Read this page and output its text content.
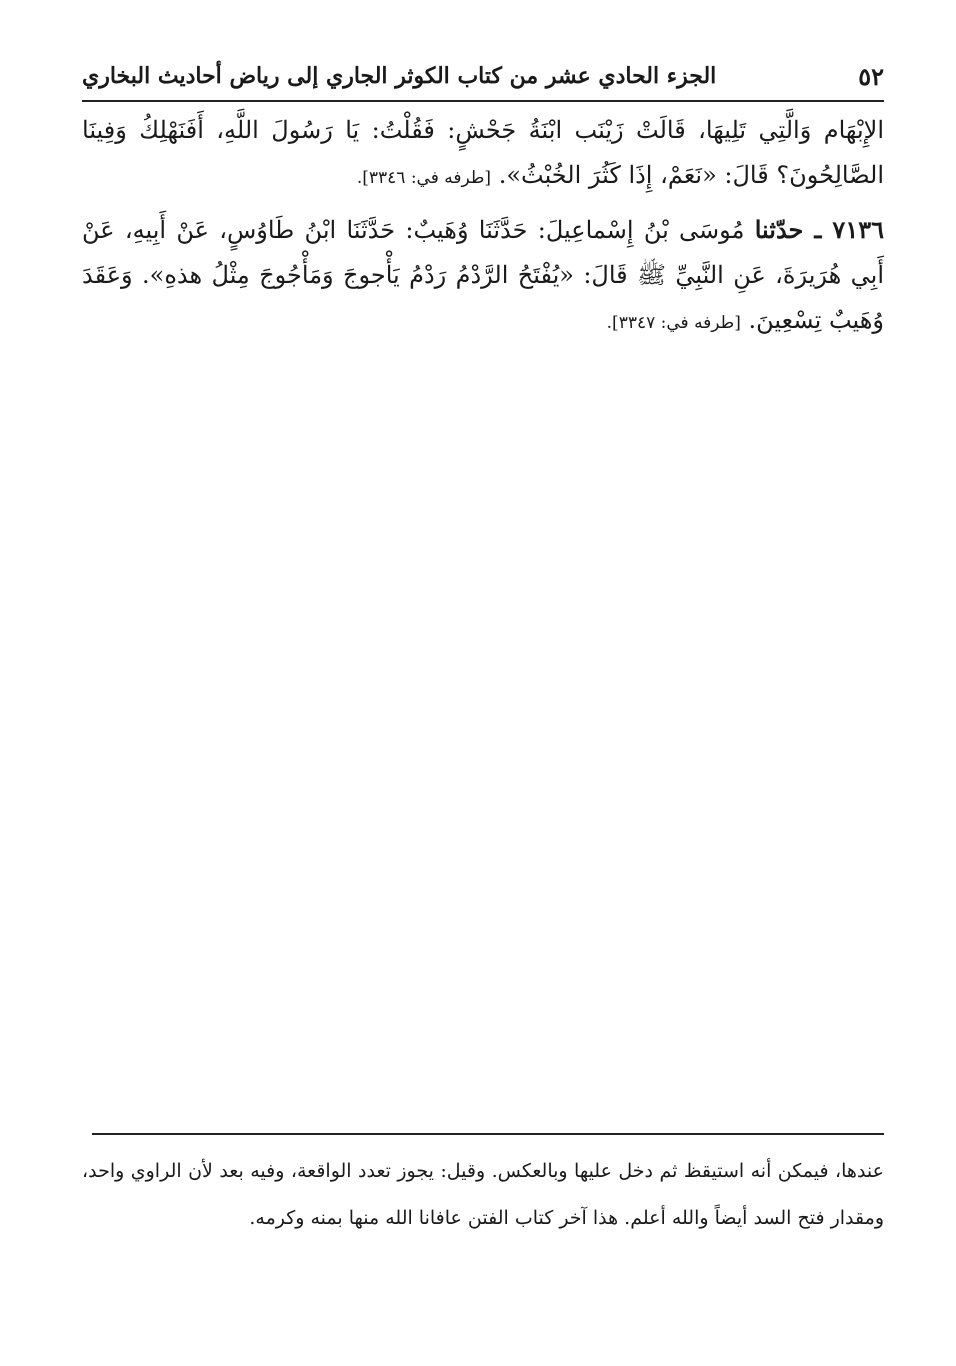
٥٢
الجزء الحادي عشر من كتاب الكوثر الجاري إلى رياض أحاديث البخاري

الإِبْهَام وَالَّتِي تَلِيهَا، قَالَتْ زَيْنَب ابْنَةُ جَحْشٍ: فَقُلْتُ: يَا رَسُولَ اللَّهِ، أَفَنَهْلِكُ وَفِينَا الصَّالِحُونَ؟ قَالَ: «نَعَمْ، إِذَا كَثُرَ الخُبْثُ». [طرفه في: ٣٣٤٦].

٧١٣٦ ـ حدّثنا مُوسَى بْنُ إِسْماعِيلَ: حَدَّثَنَا وُهَيبٌ: حَدَّثَنَا ابْنُ طَاوُسٍ، عَنْ أَبِيهِ، عَنْ أَبِي هُرَيرَةَ، عَنِ النَّبِيِّ ﷺ قَالَ: «يُفْتَحُ الرَّدْمُ رَدْمُ يَأْجوجَ وَمَأْجُوجَ مِثْلُ هذهِ». وَعَقَدَ وُهَيبٌ تِسْعِينَ. [طرفه في: ٣٣٤٧].

عندها، فيمكن أنه استيقظ ثم دخل عليها وبالعكس. وقيل: يجوز تعدد الواقعة، وفيه بعد لأن الراوي واحد، ومقدار فتح السد أيضاً والله أعلم. هذا آخر كتاب الفتن عافانا الله منها بمنه وكرمه.
